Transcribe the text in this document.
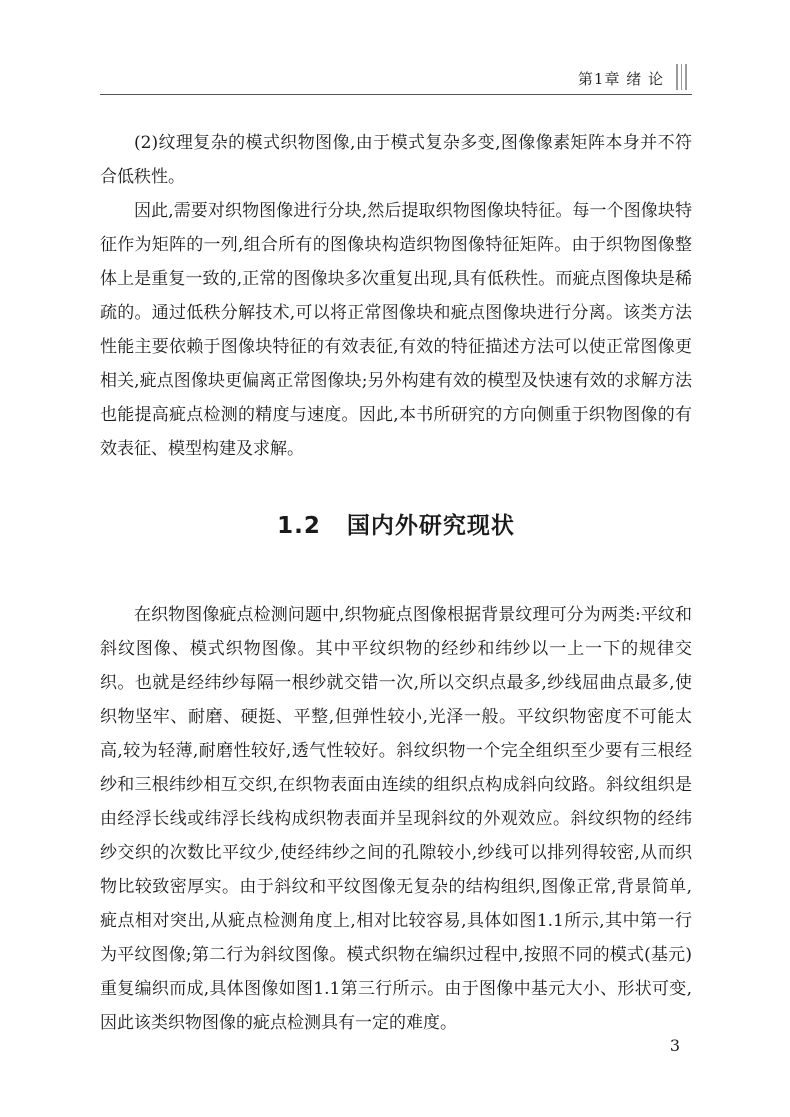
第1章 绪 论

(2)纹理复杂的模式织物图像,由于模式复杂多变,图像像素矩阵本身并不符合低秩性。

因此,需要对织物图像进行分块,然后提取织物图像块特征。每一个图像块特征作为矩阵的一列,组合所有的图像块构造织物图像特征矩阵。由于织物图像整体上是重复一致的,正常的图像块多次重复出现,具有低秩性。而疵点图像块是稀疏的。通过低秩分解技术,可以将正常图像块和疵点图像块进行分离。该类方法性能主要依赖于图像块特征的有效表征,有效的特征描述方法可以使正常图像更相关,疵点图像块更偏离正常图像块;另外构建有效的模型及快速有效的求解方法也能提高疵点检测的精度与速度。因此,本书所研究的方向侧重于织物图像的有效表征、模型构建及求解。

1.2 国内外研究现状

在织物图像疵点检测问题中,织物疵点图像根据背景纹理可分为两类:平纹和斜纹图像、模式织物图像。其中平纹织物的经纱和纬纱以一上一下的规律交织。也就是经纬纱每隔一根纱就交错一次,所以交织点最多,纱线屈曲点最多,使织物坚牢、耐磨、硬挺、平整,但弹性较小,光泽一般。平纹织物密度不可能太高,较为轻薄,耐磨性较好,透气性较好。斜纹织物一个完全组织至少要有三根经纱和三根纬纱相互交织,在织物表面由连续的组织点构成斜向纹路。斜纹组织是由经浮长线或纬浮长线构成织物表面并呈现斜纹的外观效应。斜纹织物的经纬纱交织的次数比平纹少,使经纬纱之间的孔隙较小,纱线可以排列得较密,从而织物比较致密厚实。由于斜纹和平纹图像无复杂的结构组织,图像正常,背景简单,疵点相对突出,从疵点检测角度上,相对比较容易,具体如图1.1所示,其中第一行为平纹图像;第二行为斜纹图像。模式织物在编织过程中,按照不同的模式(基元)重复编织而成,具体图像如图1.1第三行所示。由于图像中基元大小、形状可变,因此该类织物图像的疵点检测具有一定的难度。

3
